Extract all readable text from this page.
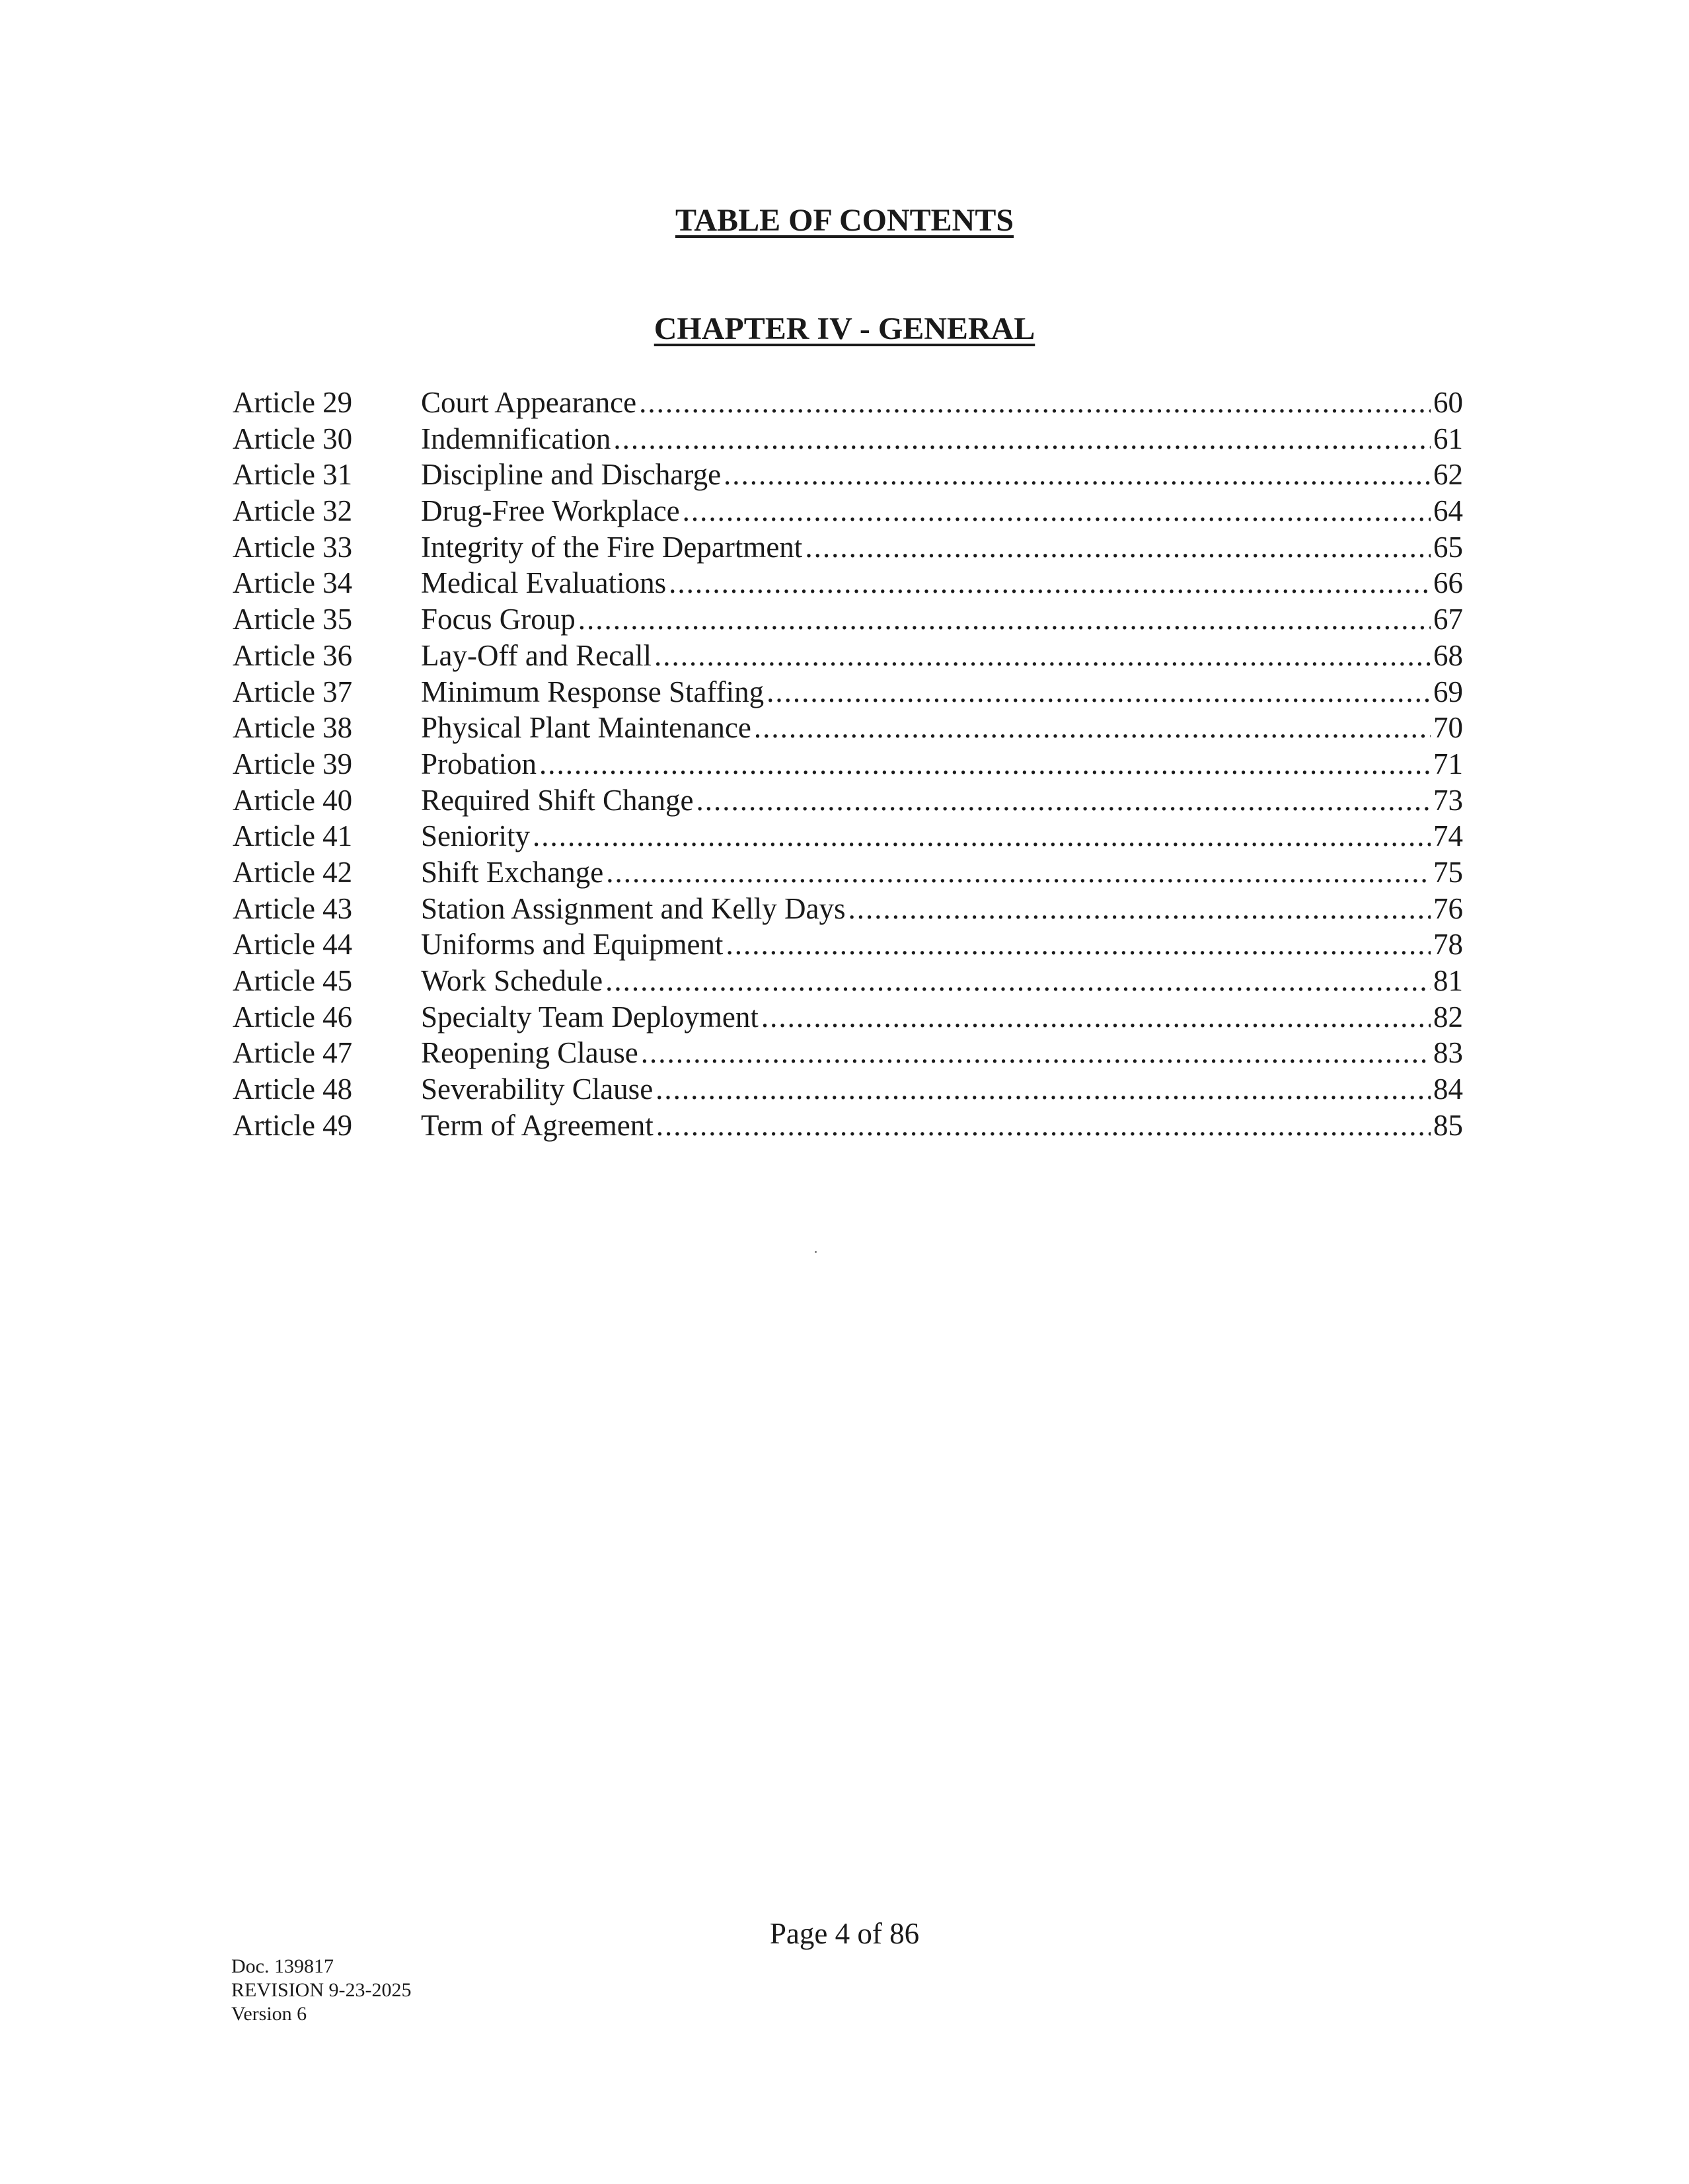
TABLE OF CONTENTS
CHAPTER IV - GENERAL
Article 29	Court Appearance .....	60
Article 30	Indemnification .....	61
Article 31	Discipline and Discharge .....	62
Article 32	Drug-Free Workplace .....	64
Article 33	Integrity of the Fire Department .....	65
Article 34	Medical Evaluations .....	66
Article 35	Focus Group .....	67
Article 36	Lay-Off and Recall .....	68
Article 37	Minimum Response Staffing .....	69
Article 38	Physical Plant Maintenance .....	70
Article 39	Probation .....	71
Article 40	Required Shift Change .....	73
Article 41	Seniority .....	74
Article 42	Shift Exchange .....	75
Article 43	Station Assignment and Kelly Days .....	76
Article 44	Uniforms and Equipment .....	78
Article 45	Work Schedule .....	81
Article 46	Specialty Team Deployment .....	82
Article 47	Reopening Clause .....	83
Article 48	Severability Clause .....	84
Article 49	Term of Agreement .....	85
Page 4 of 86
Doc. 139817
REVISION 9-23-2025
Version 6
